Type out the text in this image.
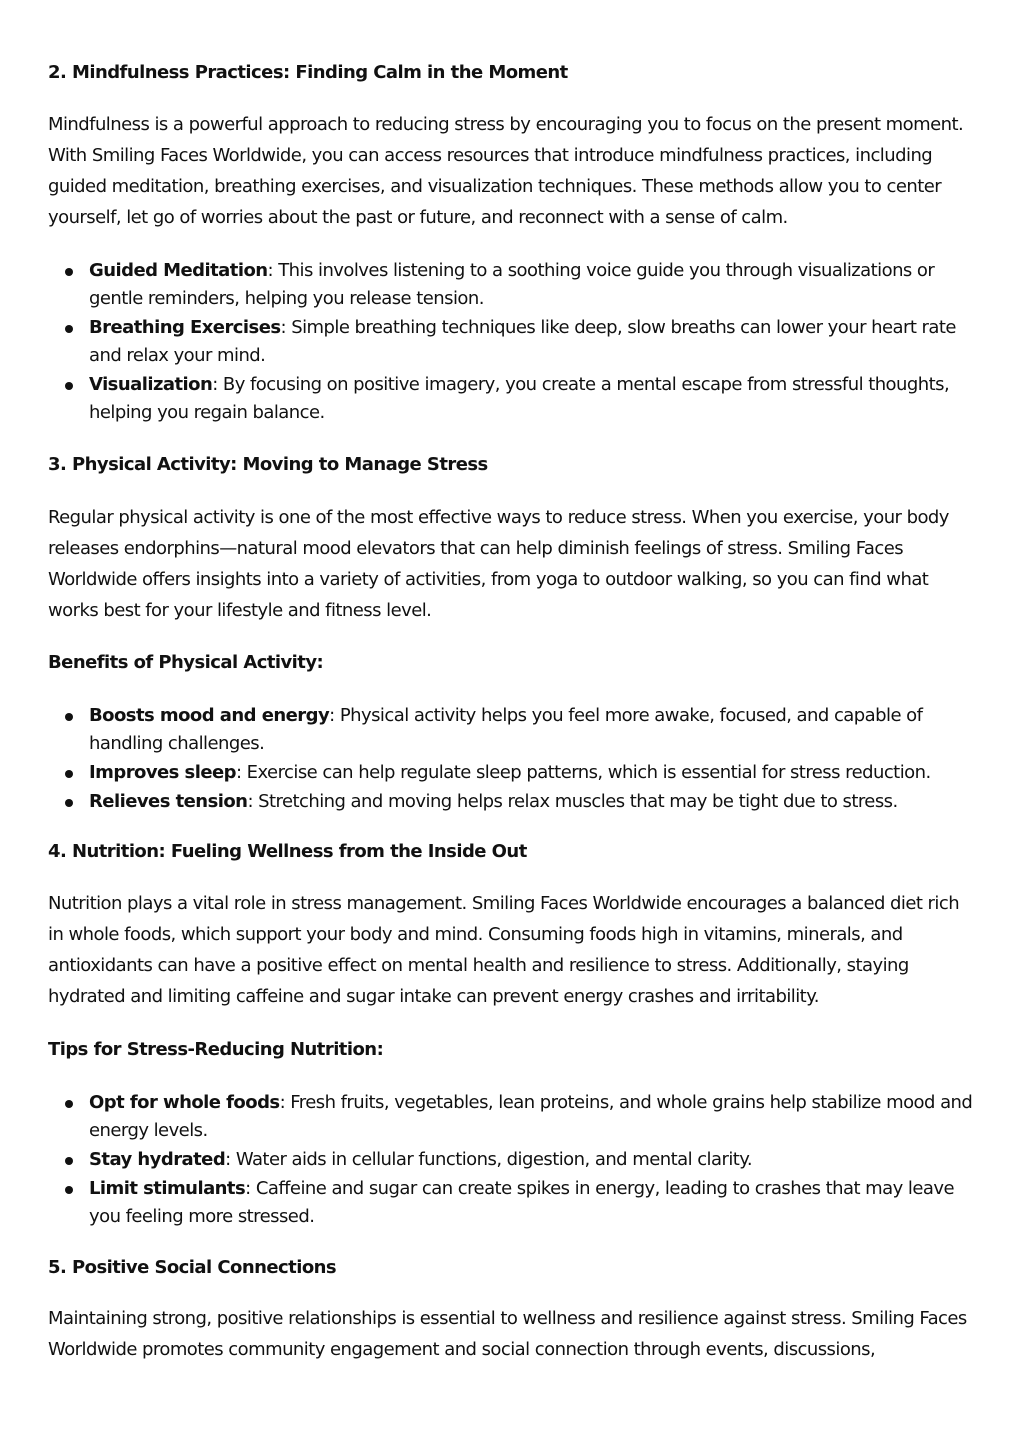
2. Mindfulness Practices: Finding Calm in the Moment

Mindfulness is a powerful approach to reducing stress by encouraging you to focus on the present moment. With Smiling Faces Worldwide, you can access resources that introduce mindfulness practices, including guided meditation, breathing exercises, and visualization techniques. These methods allow you to center yourself, let go of worries about the past or future, and reconnect with a sense of calm.

Guided Meditation: This involves listening to a soothing voice guide you through visualizations or gentle reminders, helping you release tension.
Breathing Exercises: Simple breathing techniques like deep, slow breaths can lower your heart rate and relax your mind.
Visualization: By focusing on positive imagery, you create a mental escape from stressful thoughts, helping you regain balance.
3. Physical Activity: Moving to Manage Stress

Regular physical activity is one of the most effective ways to reduce stress. When you exercise, your body releases endorphins—natural mood elevators that can help diminish feelings of stress. Smiling Faces Worldwide offers insights into a variety of activities, from yoga to outdoor walking, so you can find what works best for your lifestyle and fitness level.

Benefits of Physical Activity:
Boosts mood and energy: Physical activity helps you feel more awake, focused, and capable of handling challenges.
Improves sleep: Exercise can help regulate sleep patterns, which is essential for stress reduction.
Relieves tension: Stretching and moving helps relax muscles that may be tight due to stress.
4. Nutrition: Fueling Wellness from the Inside Out

Nutrition plays a vital role in stress management. Smiling Faces Worldwide encourages a balanced diet rich in whole foods, which support your body and mind. Consuming foods high in vitamins, minerals, and antioxidants can have a positive effect on mental health and resilience to stress. Additionally, staying hydrated and limiting caffeine and sugar intake can prevent energy crashes and irritability.

Tips for Stress-Reducing Nutrition:
Opt for whole foods: Fresh fruits, vegetables, lean proteins, and whole grains help stabilize mood and energy levels.
Stay hydrated: Water aids in cellular functions, digestion, and mental clarity.
Limit stimulants: Caffeine and sugar can create spikes in energy, leading to crashes that may leave you feeling more stressed.
5. Positive Social Connections

Maintaining strong, positive relationships is essential to wellness and resilience against stress. Smiling Faces Worldwide promotes community engagement and social connection through events, discussions,
